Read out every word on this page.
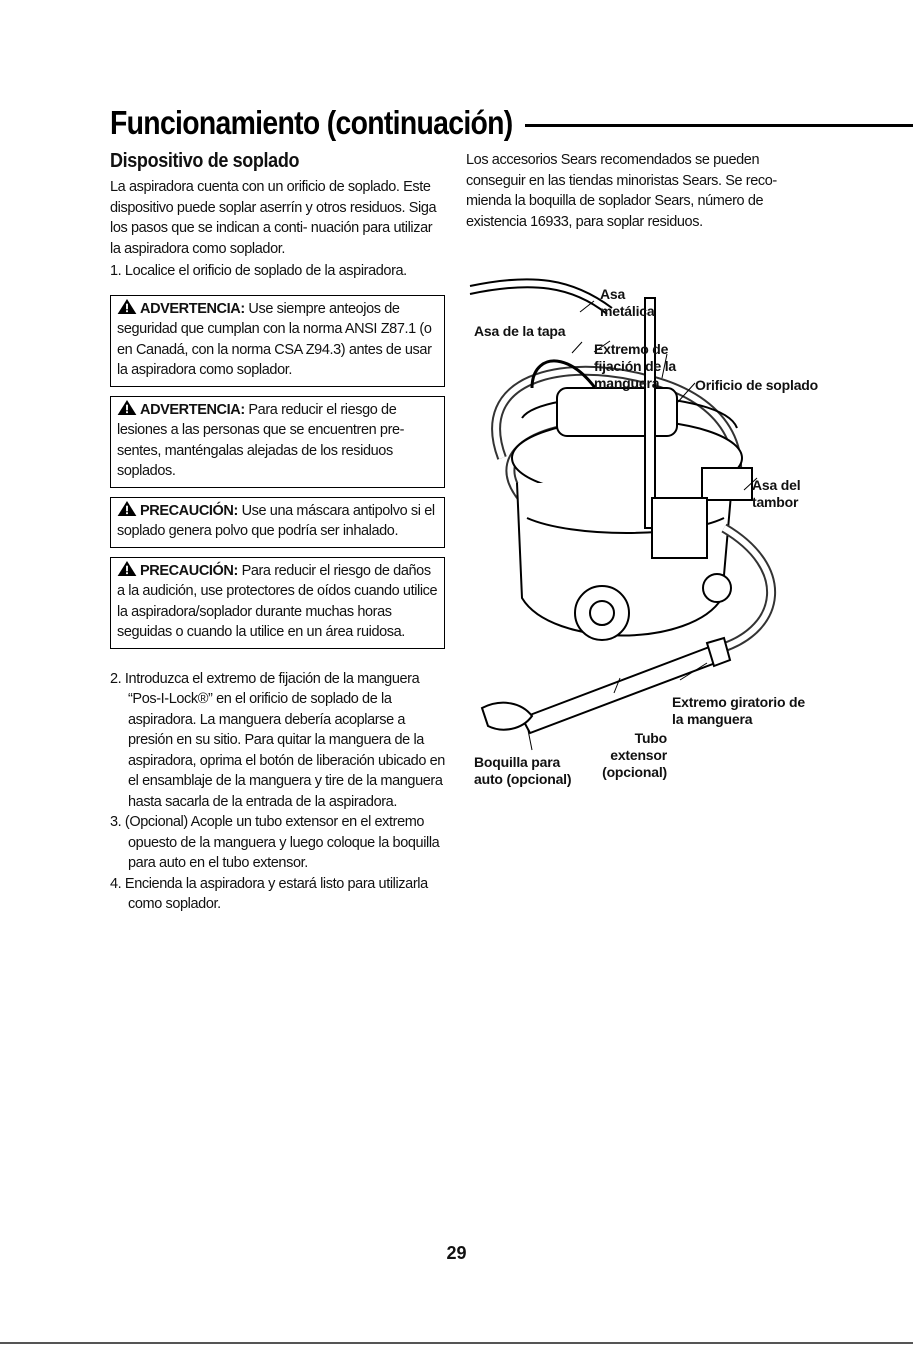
Funcionamiento (continuación)
Dispositivo de soplado

La aspiradora cuenta con un orificio de soplado. Este dispositivo puede soplar aserrín y otros residuos. Siga los pasos que se indican a conti- nuación para utilizar la aspiradora como soplador.

1. Localice el orificio de soplado de la aspiradora.

ADVERTENCIA: Use siempre anteojos de seguridad que cumplan con la norma ANSI Z87.1 (o en Canadá, con la norma CSA Z94.3) antes de usar la aspiradora como soplador.
ADVERTENCIA: Para reducir el riesgo de lesiones a las personas que se encuentren pre- sentes, manténgalas alejadas de los residuos soplados.
PRECAUCIÓN: Use una máscara antipolvo si el soplado genera polvo que podría ser inhalado.
PRECAUCIÓN: Para reducir el riesgo de daños a la audición, use protectores de oídos cuando utilice la aspiradora/soplador durante muchas horas seguidas o cuando la utilice en un área ruidosa.

2. Introduzca el extremo de fijación de la manguera “Pos-I-Lock®” en el orificio de soplado de la aspiradora. La manguera debería acoplarse a presión en su sitio. Para quitar la manguera de la aspiradora, oprima el botón de liberación ubicado en el ensamblaje de la manguera y tire de la manguera hasta sacarla de la entrada de la aspiradora.

3. (Opcional) Acople un tubo extensor en el extremo opuesto de la manguera y luego coloque la boquilla para auto en el tubo extensor.

4. Encienda la aspiradora y estará listo para utilizarla como soplador.

Los accesorios Sears recomendados se pueden conseguir en las tiendas minoristas Sears. Se reco- mienda la boquilla de soplador Sears, número de existencia 16933, para soplar residuos.

Asa metálica
Asa de la tapa
Extremo de fijación de la manguera	Orificio de soplado
Asa del tambor
Extremo giratorio de la manguera
Tubo extensor (opcional)
Boquilla para auto (opcional)
29
